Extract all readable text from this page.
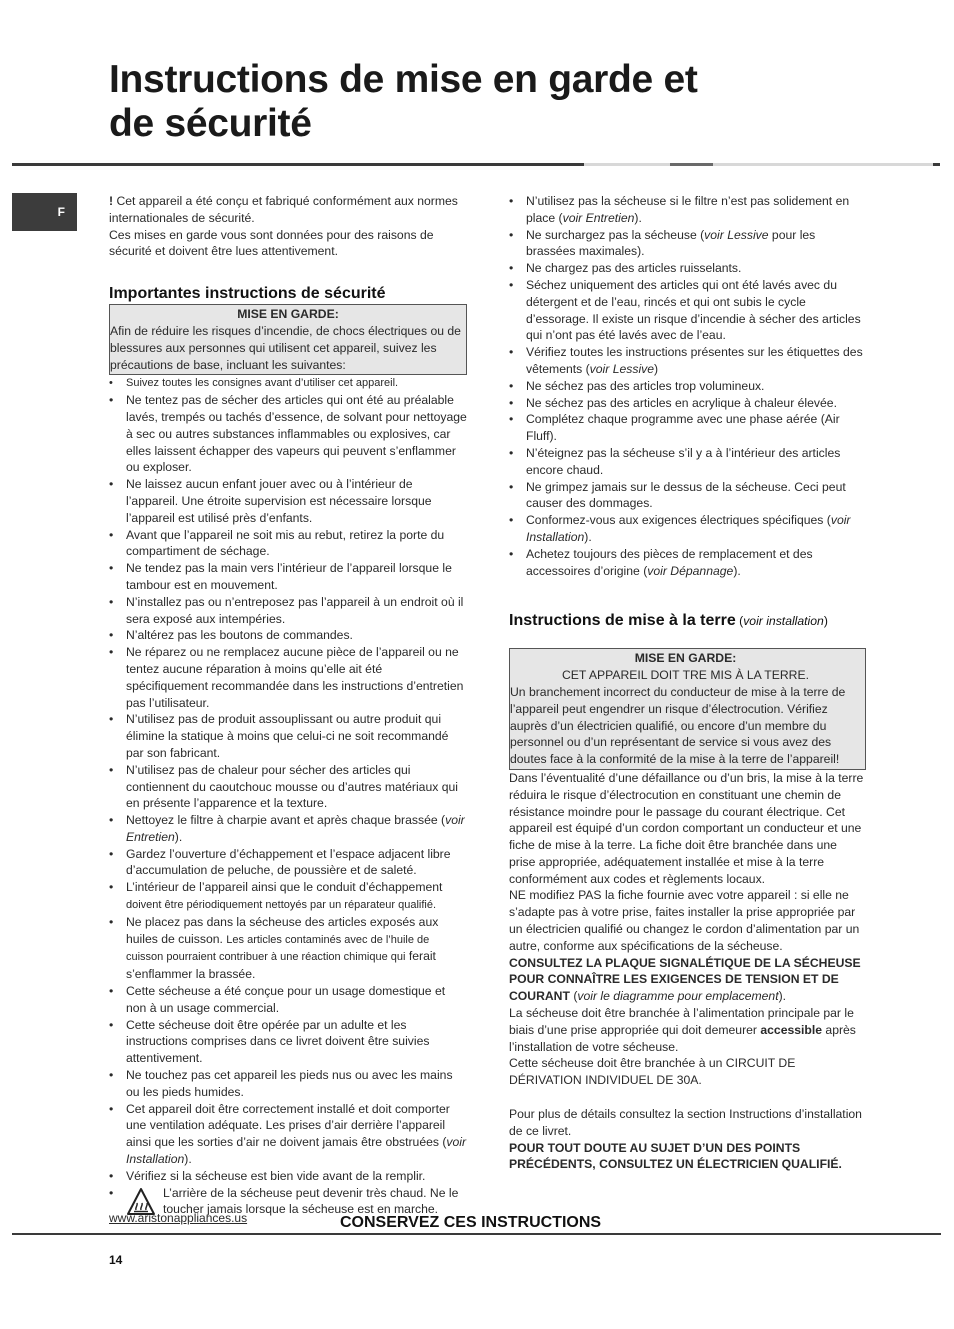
Instructions de mise en garde et
de sécurité
F

! Cet appareil a été conçu et fabriqué conformément aux normes internationales de sécurité.

Ces mises en garde vous sont données pour des raisons de sécurité et doivent être lues attentivement.

Importantes instructions de sécurité
MISE EN GARDE:
Afin de réduire les risques d’incendie, de chocs électriques ou de blessures aux personnes qui utilisent cet appareil, suivez les précautions de base, incluant les suivantes:
• Suivez toutes les consignes avant d’utiliser cet appareil.
• Ne tentez pas de sécher des articles qui ont été au préalable lavés, trempés ou tachés d’essence, de solvant pour nettoyage à sec ou autres substances inflammables ou explosives, car elles laissent échapper des vapeurs qui peuvent s’enflammer ou exploser.
• Ne laissez aucun enfant jouer avec ou à l’intérieur de l’appareil. Une étroite supervision est nécessaire lorsque l’appareil est utilisé près d’enfants.
• Avant que l’appareil ne soit mis au rebut, retirez la porte du compartiment de séchage.
• Ne tendez pas la main vers l’intérieur de l’appareil lorsque le tambour est en mouvement.
• N’installez pas ou n’entreposez pas l’appareil à un endroit où il sera exposé aux intempéries.
• N’altérez pas les boutons de commandes.
• Ne réparez ou ne remplacez aucune pièce de l’appareil ou ne tentez aucune réparation à moins qu’elle ait été spécifiquement recommandée dans les instructions d’entretien pas l’utilisateur.
• N’utilisez pas de produit assouplissant ou autre produit qui élimine la statique à moins que celui-ci ne soit recommandé par son fabricant.
• N’utilisez pas de chaleur pour sécher des articles qui contiennent du caoutchouc mousse ou d’autres matériaux qui en présente l’apparence et la texture.
• Nettoyez le filtre à charpie avant et après chaque brassée (voir Entretien).
• Gardez l’ouverture d’échappement et l’espace adjacent libre d’accumulation de peluche, de poussière et de saleté.
• L’intérieur de l’appareil ainsi que le conduit d’échappement
doivent être périodiquement nettoyés par un réparateur qualifié.
• Ne placez pas dans la sécheuse des articles exposés aux huiles de cuisson. Les articles contaminés avec de l’huile de cuisson pourraient contribuer à une réaction chimique qui ferait s’enflammer la brassée.
• Cette sécheuse a été conçue pour un usage domestique et non à un usage commercial.
• Cette sécheuse doit être opérée par un adulte et les instructions comprises dans ce livret doivent être suivies attentivement.
• Ne touchez pas cet appareil les pieds nus ou avec les mains ou les pieds humides.
• Cet appareil doit être correctement installé et doit comporter une ventilation adéquate. Les prises d’air derrière l’appareil ainsi que les sorties d’air ne doivent jamais être obstruées (voir Installation).
• Vérifiez si la sécheuse est bien vide avant de la remplir.
• L’arrière de la sécheuse peut devenir très chaud. Ne le toucher jamais lorsque la sécheuse est en marche.
• N’utilisez pas la sécheuse si le filtre n’est pas solidement en place (voir Entretien).
• Ne surchargez pas la sécheuse (voir Lessive pour les brassées maximales).
• Ne chargez pas des articles ruisselants.
• Séchez uniquement des articles qui ont été lavés avec du détergent et de l’eau, rincés et qui ont subis le cycle d’essorage. Il existe un risque d’incendie à sécher des articles qui n’ont pas été lavés avec de l’eau.
• Vérifiez toutes les instructions présentes sur les étiquettes des vêtements (voir Lessive)
• Ne séchez pas des articles trop volumineux.
• Ne séchez pas des articles en acrylique à chaleur élevée.
• Complétez chaque programme avec une phase aérée (Air Fluff).
• N’éteignez pas la sécheuse s’il y a à l’intérieur des articles encore chaud.
• Ne grimpez jamais sur le dessus de la sécheuse. Ceci peut causer des dommages.
• Conformez-vous aux exigences électriques spécifiques (voir Installation).
• Achetez toujours des pièces de remplacement et des accessoires d’origine (voir Dépannage).
Instructions de mise à la terre (voir installation)
MISE EN GARDE:
CET APPAREIL DOIT TRE MIS À LA TERRE.
Un branchement incorrect du conducteur de mise à la terre de l’appareil peut engendrer un risque d’électrocution. Vérifiez auprès d’un électricien qualifié, ou encore d’un membre du personnel ou d’un représentant de service si vous avez des doutes face à la conformité de la mise à la terre de l’appareil!

Dans l’éventualité d’une défaillance ou d’un bris, la mise à la terre réduira le risque d’électrocution en constituant une chemin de résistance moindre pour le passage du courant électrique. Cet appareil est équipé d’un cordon comportant un conducteur et une fiche de mise à la terre. La fiche doit être branchée dans une prise appropriée, adéquatement installée et mise à la terre conformément aux codes et règlements locaux.

NE modifiez PAS la fiche fournie avec votre appareil : si elle ne s’adapte pas à votre prise, faites installer la prise appropriée par un électricien qualifié ou changez le cordon d’alimentation par un autre, conforme aux spécifications de la sécheuse.

CONSULTEZ LA PLAQUE SIGNALÉTIQUE DE LA SÉCHEUSE POUR CONNAÎTRE LES EXIGENCES DE TENSION ET DE COURANT (voir le diagramme pour emplacement).

La sécheuse doit être branchée à l’alimentation principale par le biais d’une prise appropriée qui doit demeurer accessible après l’installation de votre sécheuse.

Cette sécheuse doit être branchée à un CIRCUIT DE DÉRIVATION INDIVIDUEL DE 30A.

Pour plus de détails consultez la section Instructions d’installation de ce livret.

POUR TOUT DOUTE AU SUJET D’UN DES POINTS PRÉCÉDENTS, CONSULTEZ UN ÉLECTRICIEN QUALIFIÉ.

www.aristonappliances.us	CONSERVEZ CES INSTRUCTIONS
14
